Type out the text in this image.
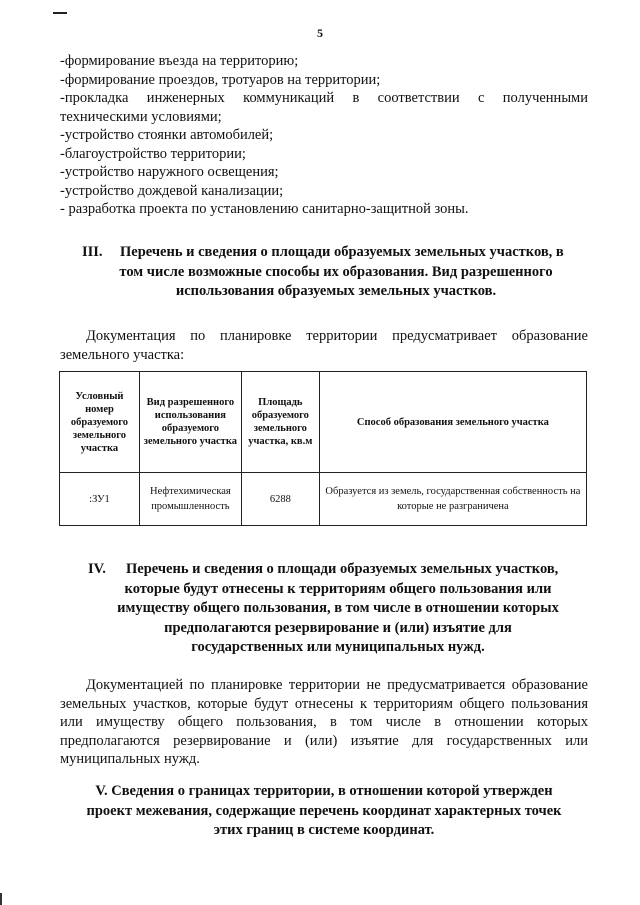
5

-формирование въезда на территорию;

-формирование проездов, тротуаров на территории;

-прокладка инженерных коммуникаций в соответствии с полученными техническими условиями;

-устройство стоянки автомобилей;

-благоустройство территории;

-устройство наружного освещения;

-устройство дождевой канализации;

- разработка проекта по установлению санитарно-защитной зоны.

III.	Перечень и сведения о площади образуемых земельных участков, в
том числе возможные способы их образования. Вид разрешенного
использования образуемых земельных участков.
Документация по планировке территории предусматривает образование земельного участка:
Условный номер образуемого земельного участка	Вид разрешенного использования образуемого земельного участка	Площадь образуемого земельного участка, кв.м	Способ образования земельного участка
:ЗУ1	Нефтехимическая промышленность	6288	Образуется из земель, государственная собственность на которые не разграничена
IV.	Перечень и сведения о площади образуемых земельных участков,
которые будут отнесены к территориям общего пользования или
имуществу общего пользования, в том числе в отношении которых
предполагаются резервирование и (или) изъятие для
государственных или муниципальных нужд.
Документацией по планировке территории не предусматривается образование земельных участков, которые будут отнесены к территориям общего пользования или имуществу общего пользования, в том числе в отношении которых предполагаются резервирование и (или) изъятие для государственных или муниципальных нужд.
V. Сведения о границах территории, в отношении которой утвержден
проект межевания, содержащие перечень координат характерных точек
этих границ в системе координат.
